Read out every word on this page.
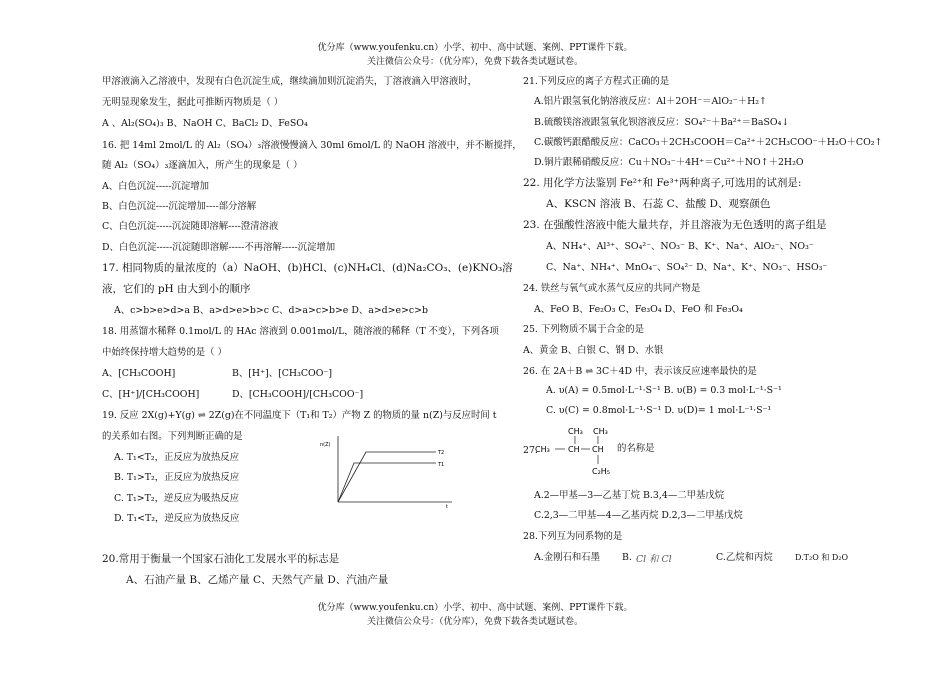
优分库（www.youfenku.cn）小学、初中、高中试题、案例、PPT课件下载。
关注微信公众号：（优分库），免费下载各类试题试卷。
甲溶液滴入乙溶液中，发现有白色沉淀生成，继续滴加则沉淀消失，丁溶液滴入甲溶液时，
无明显现象发生，据此可推断丙物质是（ ）
A 、Al₂(SO₄)₃ B、NaOH C、BaCl₂ D、FeSO₄
16. 把 14ml 2mol/L 的 Al₂（SO₄）₃溶液慢慢滴入 30ml 6mol/L 的 NaOH 溶液中，并不断搅拌，
随 Al₂（SO₄）₃逐滴加入，所产生的现象是（ ）
A、白色沉淀-----沉淀增加
B、白色沉淀----沉淀增加----部分溶解
C、白色沉淀-----沉淀随即溶解----澄清溶液
D、白色沉淀-----沉淀随即溶解-----不再溶解-----沉淀增加
17. 相同物质的量浓度的（a）NaOH、(b)HCl、(c)NH₄Cl、(d)Na₂CO₃、(e)KNO₃溶
液，它们的 pH 由大到小的顺序
A、c>b>e>d>a B、a>d>e>b>c C、d>a>c>b>e D、a>d>e>c>b
18. 用蒸馏水稀释 0.1mol/L 的 HAc 溶液到 0.001mol/L，随溶液的稀释（T 不变），下列各项
中始终保持增大趋势的是（ ）
A、[CH₃COOH]	B、[H⁺]、[CH₃COO⁻]
C、[H⁺]/[CH₃COOH]	D、[CH₃COOH]/[CH₃COO⁻]
19. 反应 2X(g)+Y(g) ⇌ 2Z(g)在不同温度下（T₁和 T₂）产物 Z 的物质的量 n(Z)与反应时间 t
的关系如右图。下列判断正确的是
A. T₁<T₂，正反应为放热反应
B. T₁>T₂，正反应为放热反应
C. T₁>T₂，逆反应为吸热反应
D. T₁<T₂，逆反应为放热反应
n(Z)
t
T2
T1
20.常用于衡量一个国家石油化工发展水平的标志是
A、石油产量 B、乙烯产量 C、天然气产量 D、汽油产量
21.下列反应的离子方程式正确的是
A.铝片跟氢氧化钠溶液反应：Al＋2OH⁻＝AlO₂⁻＋H₂↑
B.硫酸镁溶液跟氢氧化钡溶液反应：SO₄²⁻＋Ba²⁺＝BaSO₄↓
C.碳酸钙跟醋酸反应：CaCO₃＋2CH₃COOH＝Ca²⁺＋2CH₃COO⁻＋H₂O＋CO₂↑
D.铜片跟稀硝酸反应：Cu＋NO₃⁻＋4H⁺＝Cu²⁺＋NO↑＋2H₂O
22. 用化学方法鉴别 Fe²⁺和 Fe³⁺两种离子,可选用的试剂是:
A、KSCN 溶液 B、石蕊 C、盐酸 D、观察颜色
23. 在强酸性溶液中能大量共存，并且溶液为无色透明的离子组是
A、NH₄⁺、Al³⁺、SO₄²⁻、NO₃⁻ B、K⁺、Na⁺、AlO₂⁻、NO₃⁻
C、Na⁺、NH₄⁺、MnO₄⁻、SO₄²⁻ D、Na⁺、K⁺、NO₃⁻、HSO₃⁻
24. 铁丝与氧气或水蒸气反应的共同产物是
A、FeO B、Fe₂O₃ C、Fe₃O₄ D、FeO 和 Fe₃O₄
25. 下列物质不属于合金的是
A、黄金 B、白银 C、钢 D、水银
26. 在 2A＋B ⇌ 3C＋4D 中，表示该反应速率最快的是
A. υ(A) = 0.5mol·L⁻¹·S⁻¹ B. υ(B) = 0.3 mol·L⁻¹·S⁻¹
C. υ(C) = 0.8mol·L⁻¹·S⁻¹ D. υ(D)= 1 mol·L⁻¹·S⁻¹
27.
CH₃ CH₃
CH₃ CH CH
C₂H₅
的名称是
A.2—甲基—3—乙基丁烷 B.3,4—二甲基戊烷
C.2,3—二甲基—4—乙基丙烷 D.2,3—二甲基戊烷
28.下列互为同系物的是
A.金刚石和石墨 B. Cl 和 Cl	C.乙烷和丙烷	D.T₂O 和 D₂O
优分库（www.youfenku.cn）小学、初中、高中试题、案例、PPT课件下载。
关注微信公众号：（优分库），免费下载各类试题试卷。
